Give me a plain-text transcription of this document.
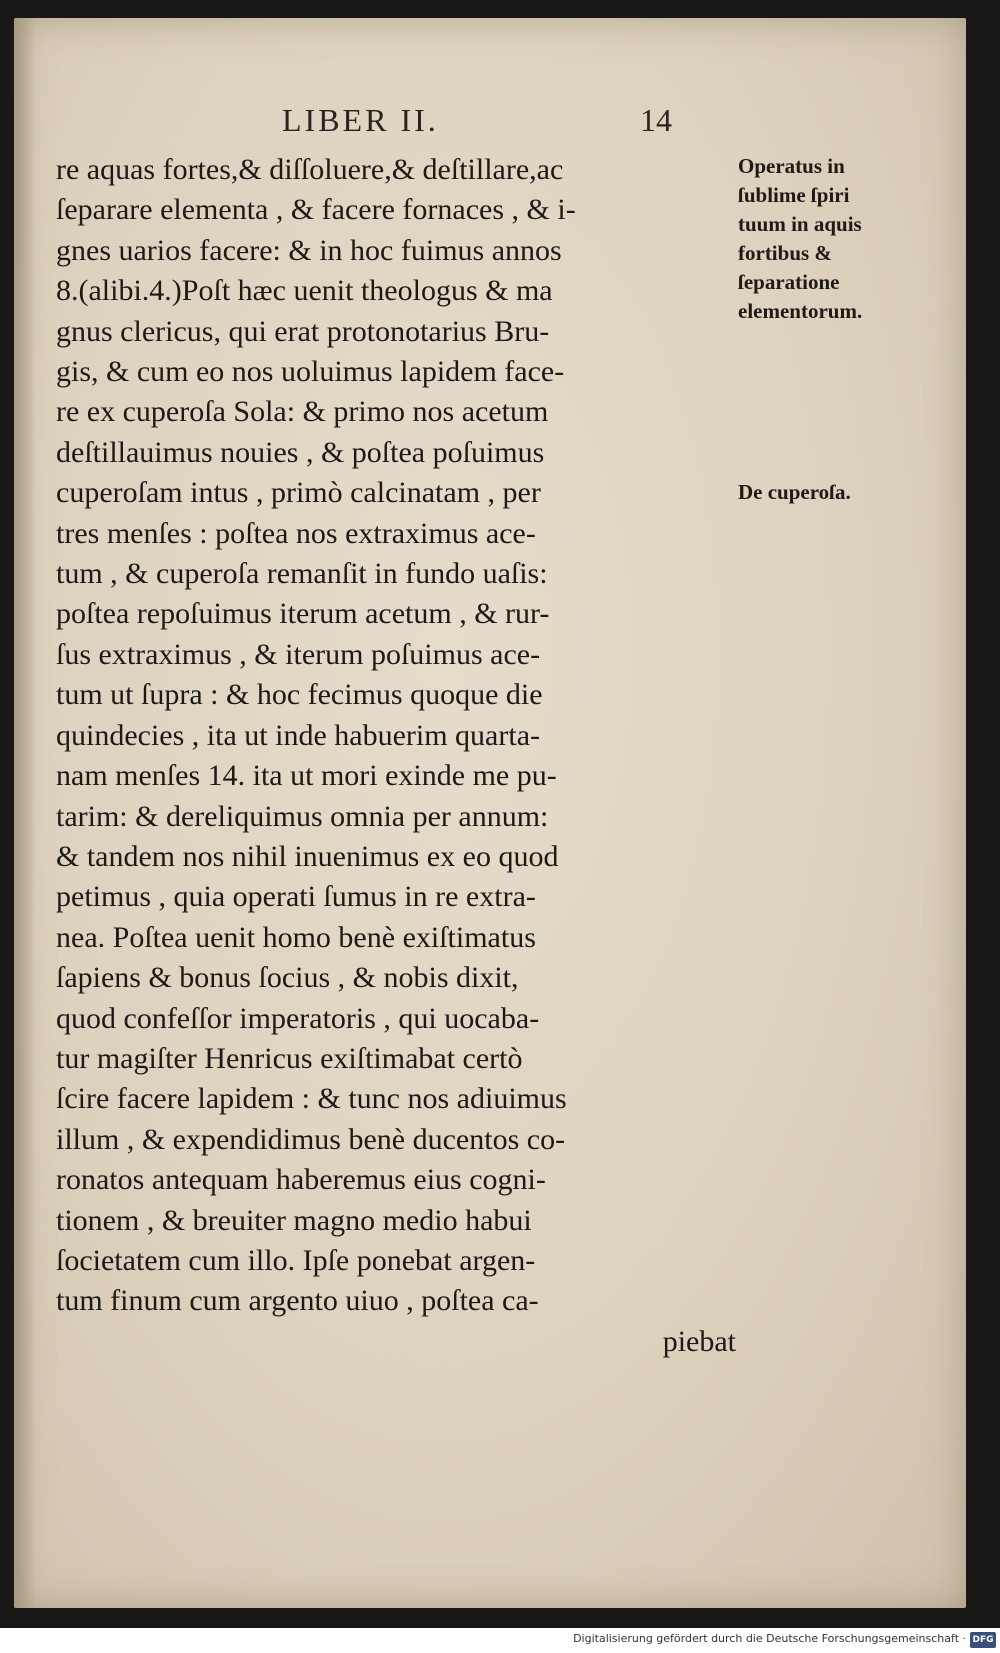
LIBER II.	14
re aquas fortes,& diſſoluere,& deſtillare,ac
ſeparare elementa , & facere fornaces , & i-
gnes uarios facere: & in hoc fuimus annos
8.(alibi.4.)Poſt hæc uenit theologus & ma
gnus clericus, qui erat protonotarius Bru-
gis, & cum eo nos uoluimus lapidem face-
re ex cuperoſa Sola: & primo nos acetum
deſtillauimus nouies , & poſtea poſuimus
cuperoſam intus , primò calcinatam , per
tres menſes : poſtea nos extraximus ace-
tum , & cuperoſa remanſit in fundo uaſis:
poſtea repoſuimus iterum acetum , & rur-
ſus extraximus , & iterum poſuimus ace-
tum ut ſupra : & hoc fecimus quoque die
quindecies , ita ut inde habuerim quarta-
nam menſes 14. ita ut mori exinde me pu-
tarim: & dereliquimus omnia per annum:
& tandem nos nihil inuenimus ex eo quod
petimus , quia operati ſumus in re extra-
nea. Poſtea uenit homo benè exiſtimatus
ſapiens & bonus ſocius , & nobis dixit,
quod confeſſor imperatoris , qui uocaba-
tur magiſter Henricus exiſtimabat certò
ſcire facere lapidem : & tunc nos adiuimus
illum , & expendidimus benè ducentos co-
ronatos antequam haberemus eius cogni-
tionem , & breuiter magno medio habui
ſocietatem cum illo. Ipſe ponebat argen-
tum finum cum argento uiuo , poſtea ca-
piebat
Operatus in
ſublime ſpiri
tuum in aquis
fortibus &
ſeparatione
elementorum.
De cuperoſa.
Digitalisierung gefördert durch die Deutsche Forschungsgemeinschaft · DFG
